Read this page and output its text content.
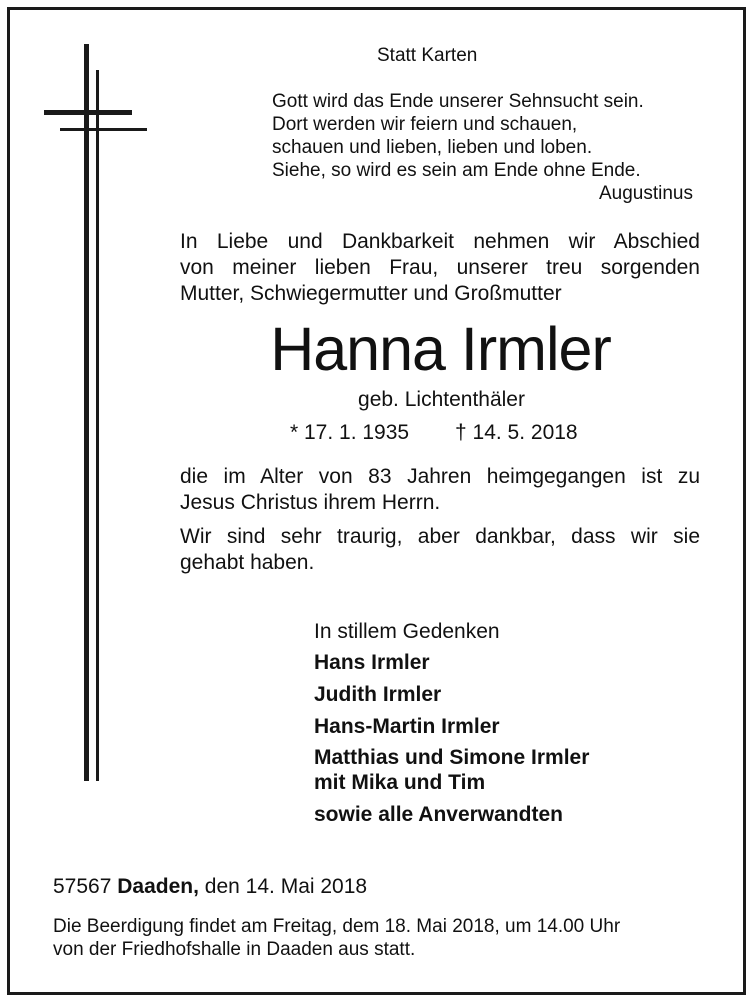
Statt Karten
Gott wird das Ende unserer Sehnsucht sein.
Dort werden wir feiern und schauen,
schauen und lieben, lieben und loben.
Siehe, so wird es sein am Ende ohne Ende.
Augustinus
In Liebe und Dankbarkeit nehmen wir Abschied
von meiner lieben Frau, unserer treu sorgenden
Mutter, Schwiegermutter und Großmutter
Hanna Irmler
geb. Lichtenthäler
* 17. 1. 1935 † 14. 5. 2018
die im Alter von 83 Jahren heimgegangen ist zu
Jesus Christus ihrem Herrn.
Wir sind sehr traurig, aber dankbar, dass wir sie
gehabt haben.
In stillem Gedenken
Hans Irmler
Judith Irmler
Hans-Martin Irmler
Matthias und Simone Irmler
mit Mika und Tim
sowie alle Anverwandten
57567 Daaden, den 14. Mai 2018
Die Beerdigung findet am Freitag, dem 18. Mai 2018, um 14.00 Uhr
von der Friedhofshalle in Daaden aus statt.
